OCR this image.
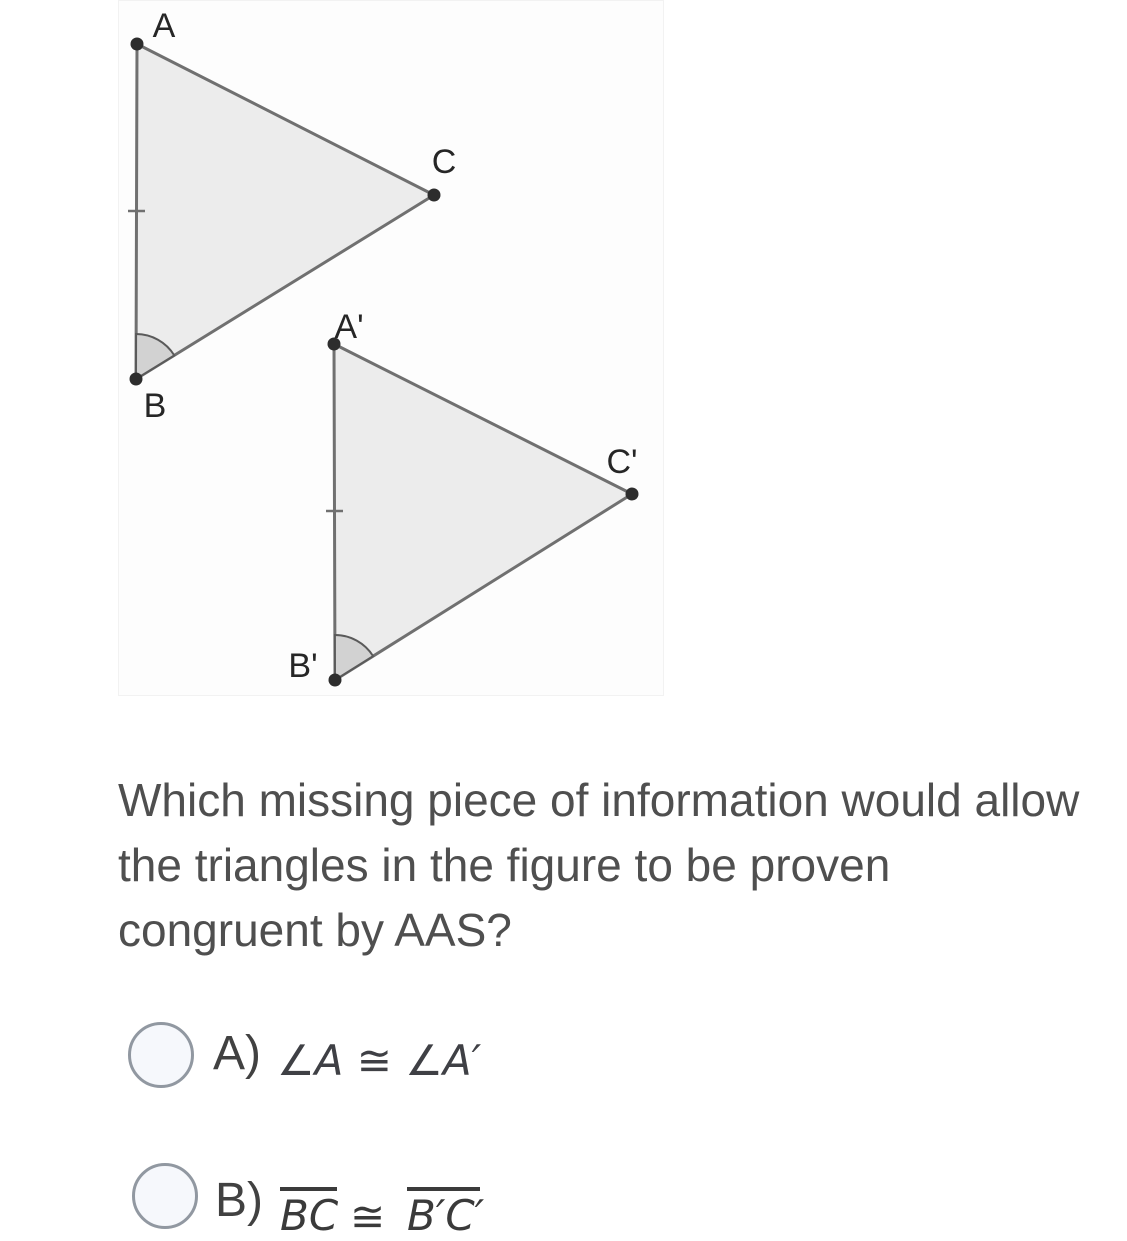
A
C
B
A'
C'
B'
Which missing piece of information would allow the triangles in the figure to be proven congruent by AAS?
A) ∠A ≅ ∠A′
B) BC ≅ B′C′
